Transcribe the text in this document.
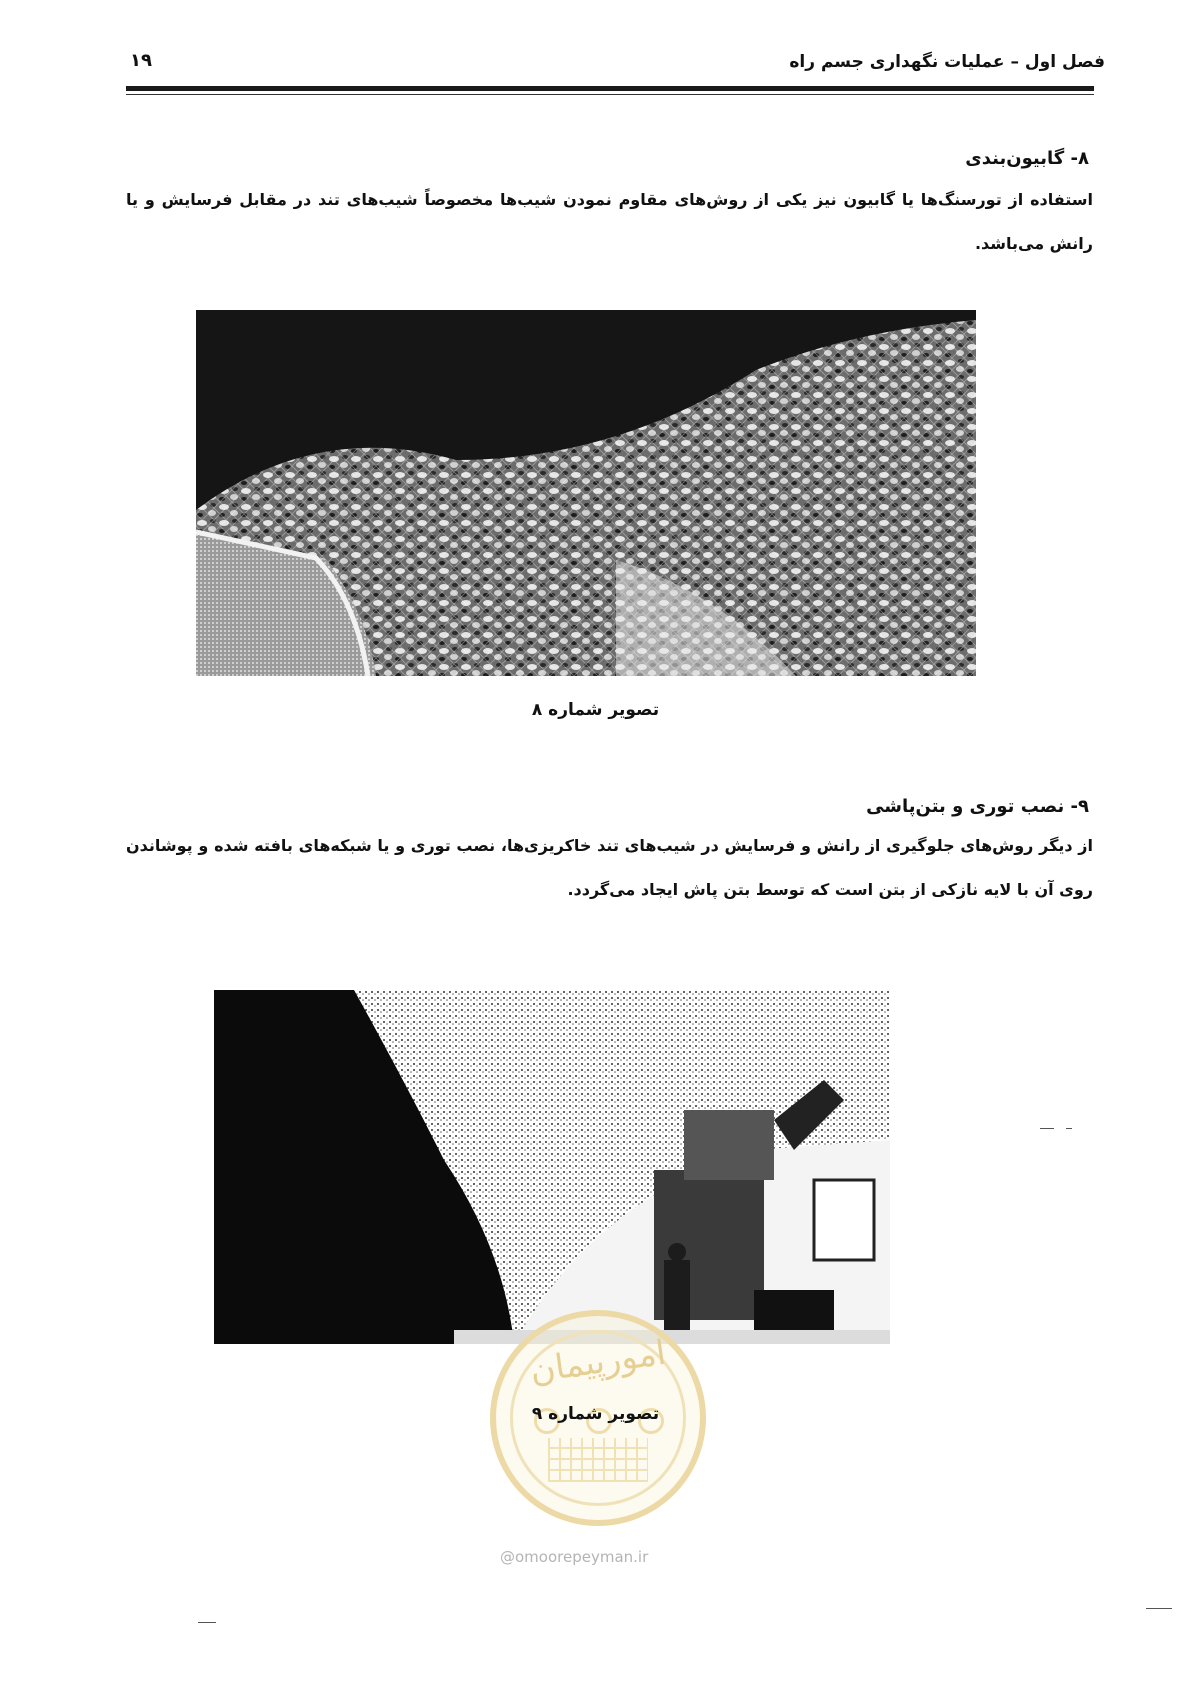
فصل اول – عملیات نگهداری جسم راه
۱۹
۸- گابیون‌بندی
استفاده از تورسنگ‌ها یا گابیون نیز یکی از روش‌های مقاوم نمودن شیب‌ها مخصوصاً شیب‌های تند در مقابل فرسایش و یا رانش می‌باشد.
تصویر شماره ۸
۹- نصب توری و بتن‌پاشی
از دیگر روش‌های جلوگیری از رانش و فرسایش در شیب‌های تند خاکریزی‌ها، نصب توری و یا شبکه‌های بافته شده و پوشاندن روی آن با لایه نازکی از بتن است که توسط بتن پاش ایجاد می‌گردد.
امورپیمان
تصویر شماره ۹
@omoorepeyman.ir
